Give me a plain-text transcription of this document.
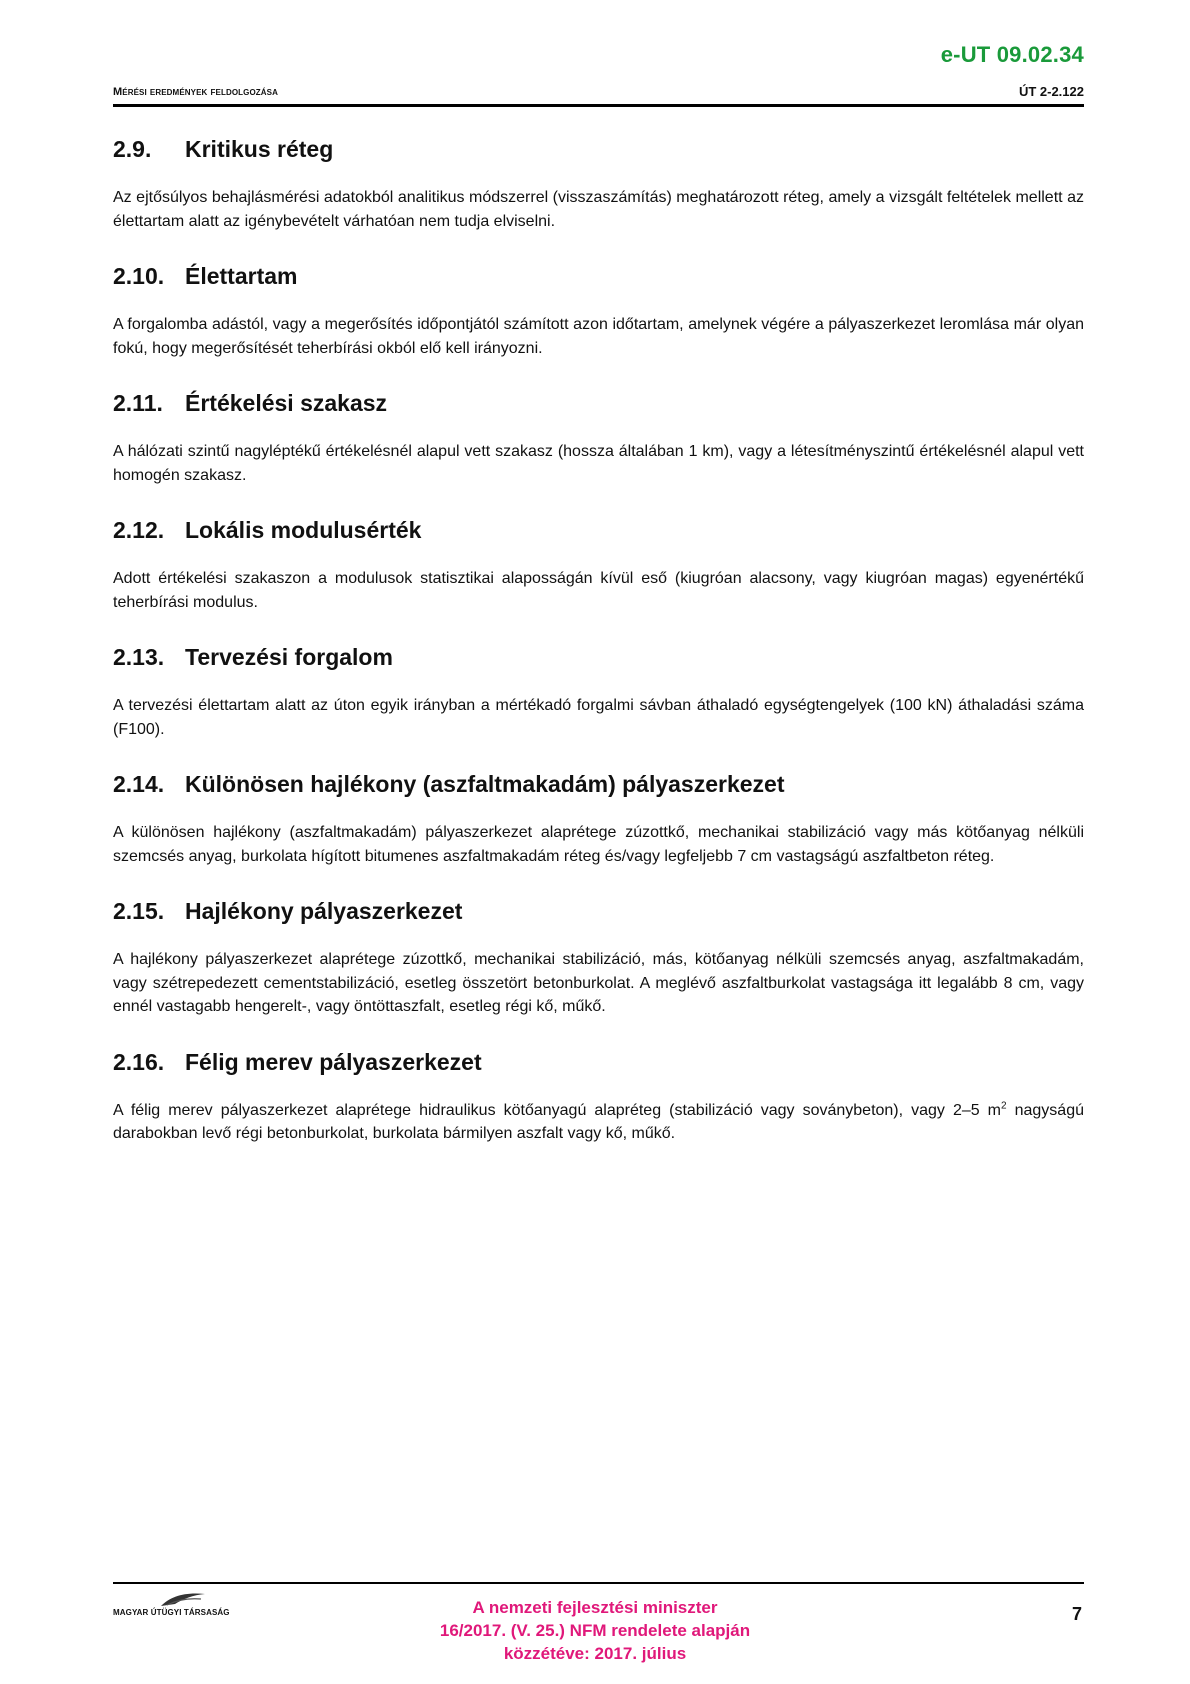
e-UT 09.02.34
Mérési eredmények feldolgozása	ÚT 2-2.122
2.9.	Kritikus réteg

Az ejtősúlyos behajlásmérési adatokból analitikus módszerrel (visszaszámítás) meghatározott réteg, amely a vizsgált feltételek mellett az élettartam alatt az igénybevételt várhatóan nem tudja elviselni.

2.10. Élettartam

A forgalomba adástól, vagy a megerősítés időpontjától számított azon időtartam, amelynek végére a pályaszerkezet leromlása már olyan fokú, hogy megerősítését teherbírási okból elő kell irányozni.

2.11. Értékelési szakasz

A hálózati szintű nagyléptékű értékelésnél alapul vett szakasz (hossza általában 1 km), vagy a létesítményszintű értékelésnél alapul vett homogén szakasz.

2.12. Lokális modulusérték

Adott értékelési szakaszon a modulusok statisztikai alaposságán kívül eső (kiugróan alacsony, vagy kiugróan magas) egyenértékű teherbírási modulus.

2.13. Tervezési forgalom

A tervezési élettartam alatt az úton egyik irányban a mértékadó forgalmi sávban áthaladó egységtengelyek (100 kN) áthaladási száma (F100).

2.14. Különösen hajlékony (aszfaltmakadám) pályaszerkezet

A különösen hajlékony (aszfaltmakadám) pályaszerkezet alaprétege zúzottkő, mechanikai stabilizáció vagy más kötőanyag nélküli szemcsés anyag, burkolata hígított bitumenes aszfaltmakadám réteg és/vagy legfeljebb 7 cm vastagságú aszfaltbeton réteg.

2.15. Hajlékony pályaszerkezet

A hajlékony pályaszerkezet alaprétege zúzottkő, mechanikai stabilizáció, más, kötőanyag nélküli szemcsés anyag, aszfaltmakadám, vagy szétrepedezett cementstabilizáció, esetleg összetört betonburkolat. A meglévő aszfaltburkolat vastagsága itt legalább 8 cm, vagy ennél vastagabb hengerelt-, vagy öntöttaszfalt, esetleg régi kő, műkő.

2.16. Félig merev pályaszerkezet

A félig merev pályaszerkezet alaprétege hidraulikus kötőanyagú alapréteg (stabilizáció vagy soványbeton), vagy 2–5 $m^2$ nagyságú darabokban levő régi betonburkolat, burkolata bármilyen aszfalt vagy kő, műkő.

MAGYAR ÚTÜGYI TÁRSASÁG	A nemzeti fejlesztési miniszter
16/2017. (V. 25.) NFM rendelete alapján
közzétéve: 2017. július
7
